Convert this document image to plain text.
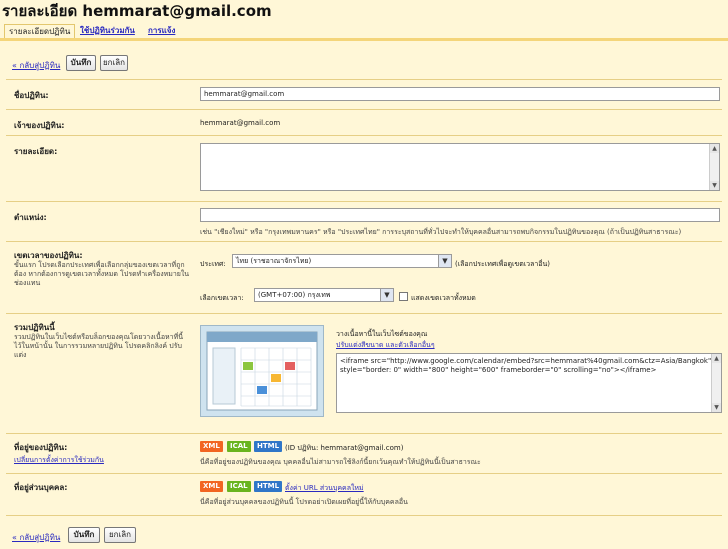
รายละเอียด hemmarat@gmail.com
รายละเอียดปฏิทิน	ใช้ปฏิทินร่วมกัน	การแจ้ง
« กลับสู่ปฏิทิน	บันทึก	ยกเลิก
ชื่อปฏิทิน:	hemmarat@gmail.com
เจ้าของปฏิทิน:	hemmarat@gmail.com
รายละเอียด:	▲
▼
ตำแหน่ง:
เช่น "เชียงใหม่" หรือ "กรุงเทพมหานคร" หรือ "ประเทศไทย" การระบุสถานที่ทั่วไปจะทำให้บุคคลอื่นสามารถพบกิจกรรมในปฏิทินของคุณ (ถ้าเป็นปฏิทินสาธารณะ)
เขตเวลาของปฏิทิน:
ขั้นแรก โปรดเลือกประเทศเพื่อเลือกกลุ่มของเขตเวลาที่ถูกต้อง หากต้องการดูเขตเวลาทั้งหมด โปรดทำเครื่องหมายในช่องแทน
ประเทศ:	ไทย (ราชอาณาจักรไทย)	▼	(เลือกประเทศเพื่อดูเขตเวลาอื่น)
เลือกเขตเวลา:	(GMT+07:00) กรุงเทพ	▼	แสดงเขตเวลาทั้งหมด
รวมปฏิทินนี้
รวมปฏิทินในเว็บไซต์หรือบล็อกของคุณโดยวางเนื้อหาที่นี้ไว้ในหน้านั้น ในการรวมหลายปฏิทิน โปรดคลิกลิงค์ ปรับแต่ง
วางเนื้อหานี้ในเว็บไซต์ของคุณ
ปรับแต่งสีขนาด และตัวเลือกอื่นๆ
<iframe src="http://www.google.com/calendar/embed?src=hemmarat%40gmail.com&ctz=Asia/Bangkok" style="border: 0" width="800" height="600" frameborder="0" scrolling="no"></iframe>
▲
▼
ที่อยู่ของปฏิทิน:
เปลี่ยนการตั้งค่าการใช้ร่วมกัน
XML	ICAL	HTML (ID ปฏิทิน: hemmarat@gmail.com)
นี่คือที่อยู่ของปฏิทินของคุณ บุคคลอื่นไม่สามารถใช้ลิงก์นี้ยกเว้นคุณทำให้ปฏิทินนี้เป็นสาธารณะ
ที่อยู่ส่วนบุคคล:	XML	ICAL	HTML ตั้งค่า URL ส่วนบุคคลใหม่
นี่คือที่อยู่ส่วนบุคคลของปฏิทินนี้ โปรดอย่าเปิดเผยที่อยู่นี้ให้กับบุคคลอื่น
« กลับสู่ปฏิทิน	บันทึก	ยกเลิก
